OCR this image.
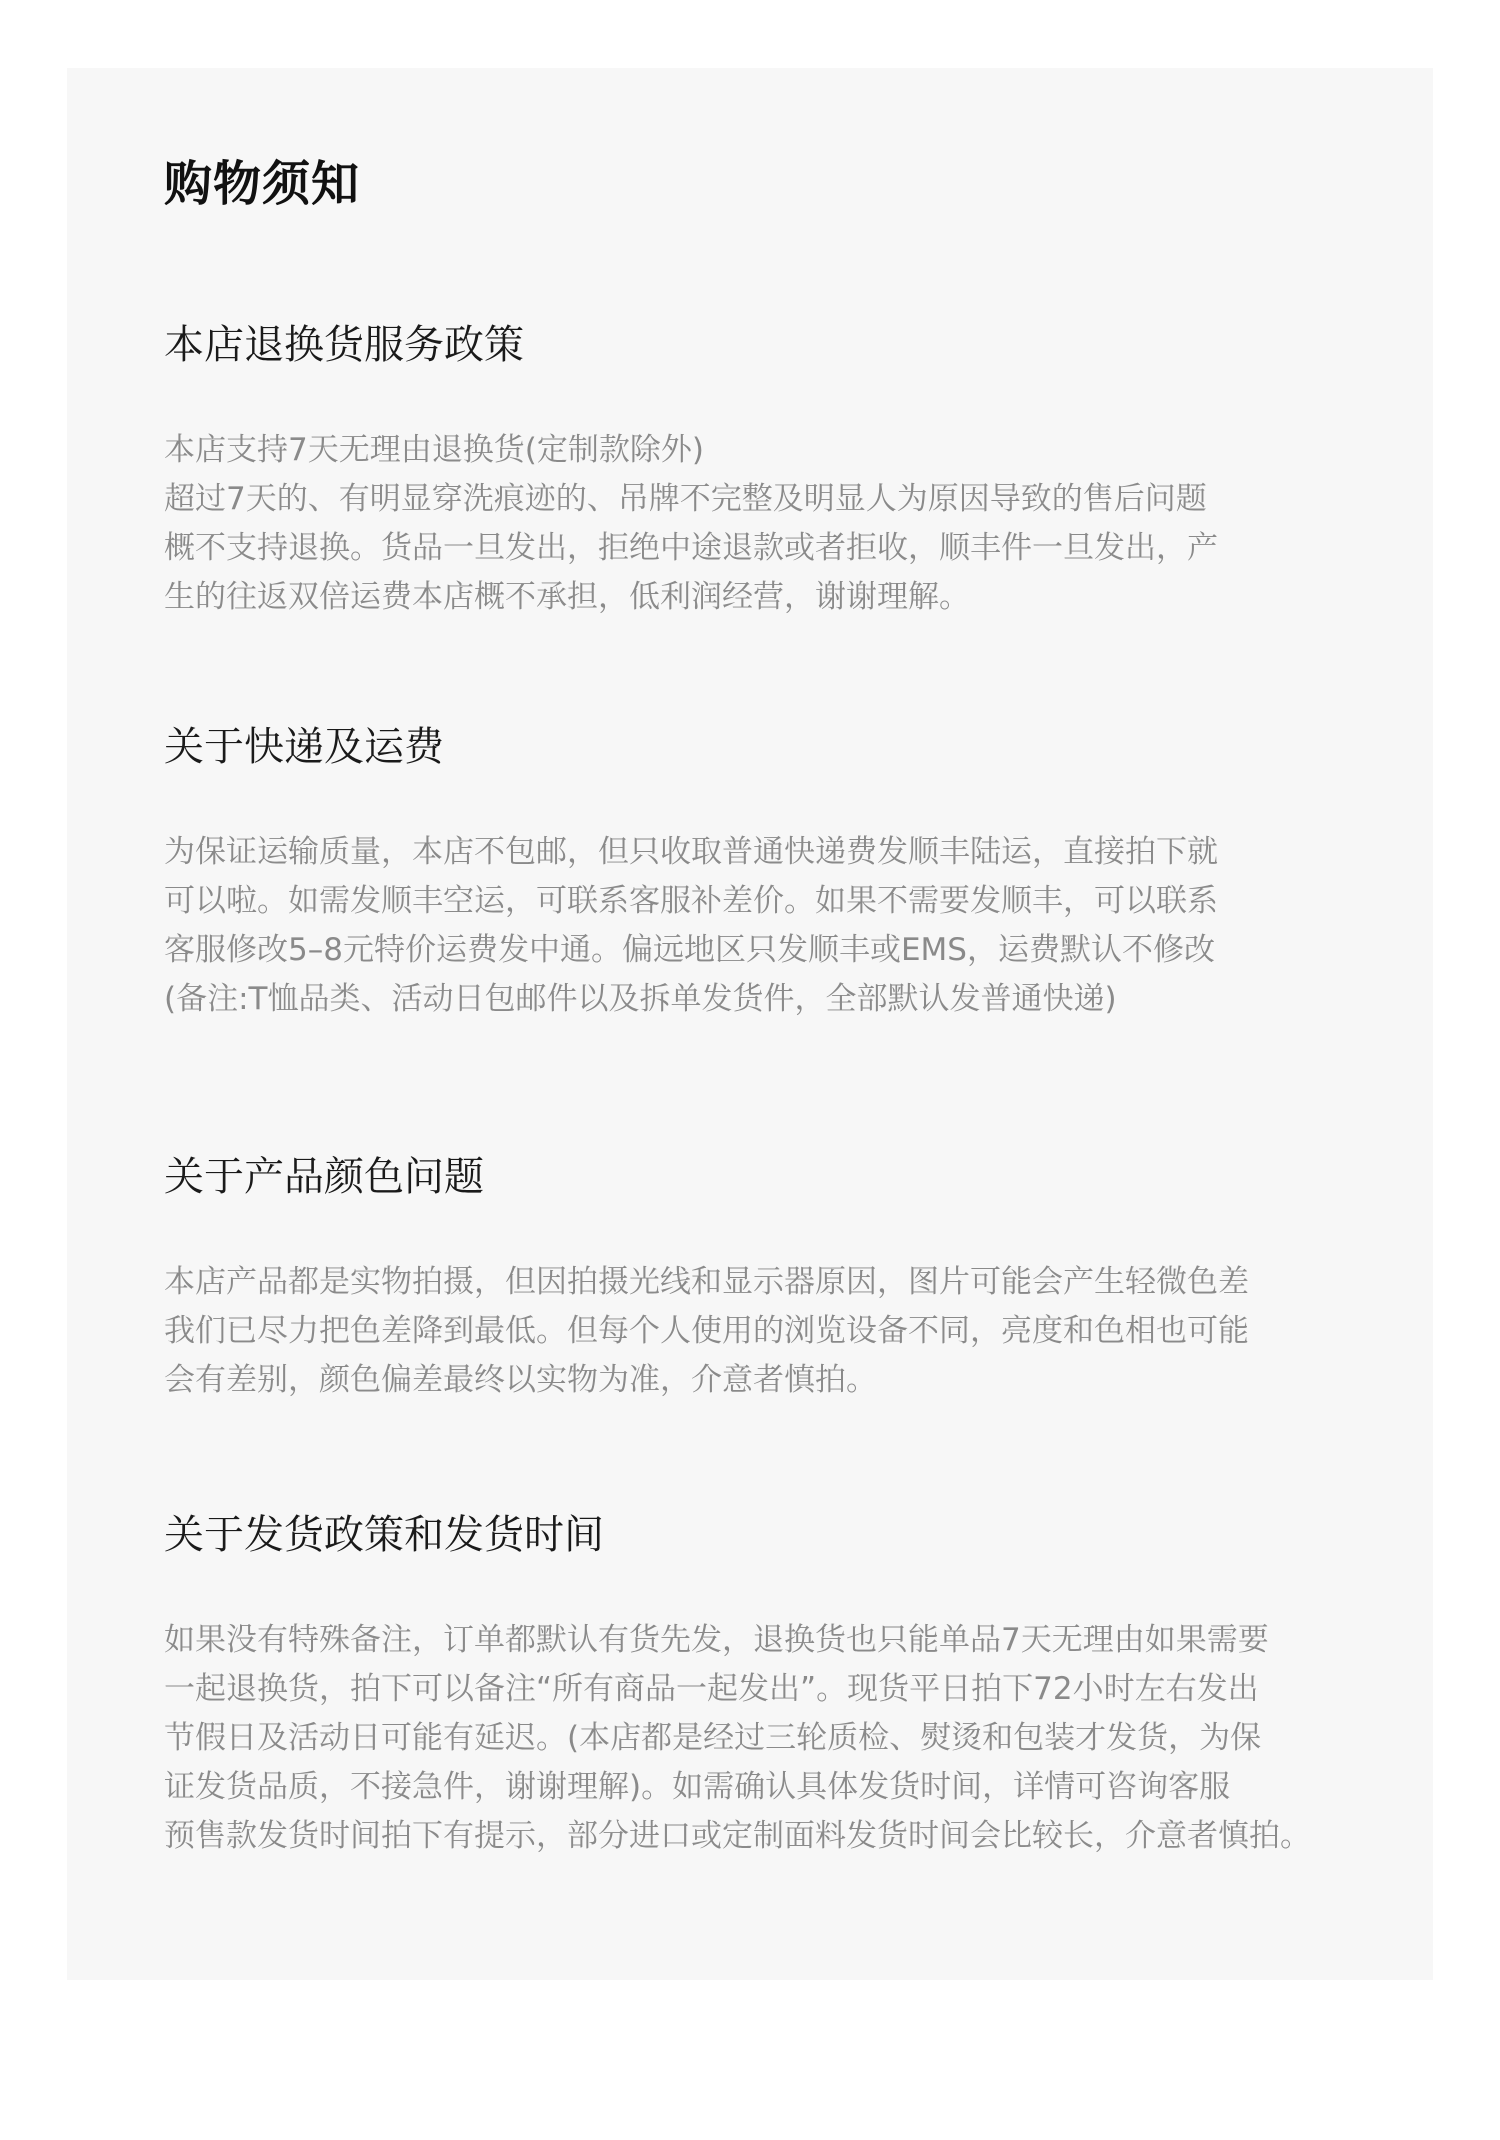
购物须知
本店退换货服务政策
本店支持7天无理由退换货(定制款除外)
超过7天的、有明显穿洗痕迹的、吊牌不完整及明显人为原因导致的售后问题
概不支持退换。货品一旦发出，拒绝中途退款或者拒收，顺丰件一旦发出，产
生的往返双倍运费本店概不承担，低利润经营，谢谢理解。
关于快递及运费
为保证运输质量，本店不包邮，但只收取普通快递费发顺丰陆运，直接拍下就
可以啦。如需发顺丰空运，可联系客服补差价。如果不需要发顺丰，可以联系
客服修改5–8元特价运费发中通。偏远地区只发顺丰或EMS，运费默认不修改
(备注:T恤品类、活动日包邮件以及拆单发货件，全部默认发普通快递)
关于产品颜色问题
本店产品都是实物拍摄，但因拍摄光线和显示器原因，图片可能会产生轻微色差
我们已尽力把色差降到最低。但每个人使用的浏览设备不同，亮度和色相也可能
会有差别，颜色偏差最终以实物为准，介意者慎拍。
关于发货政策和发货时间
如果没有特殊备注，订单都默认有货先发，退换货也只能单品7天无理由如果需要
一起退换货，拍下可以备注“所有商品一起发出”。现货平日拍下72小时左右发出
节假日及活动日可能有延迟。(本店都是经过三轮质检、熨烫和包装才发货，为保
证发货品质，不接急件，谢谢理解)。如需确认具体发货时间，详情可咨询客服
预售款发货时间拍下有提示，部分进口或定制面料发货时间会比较长，介意者慎拍。
